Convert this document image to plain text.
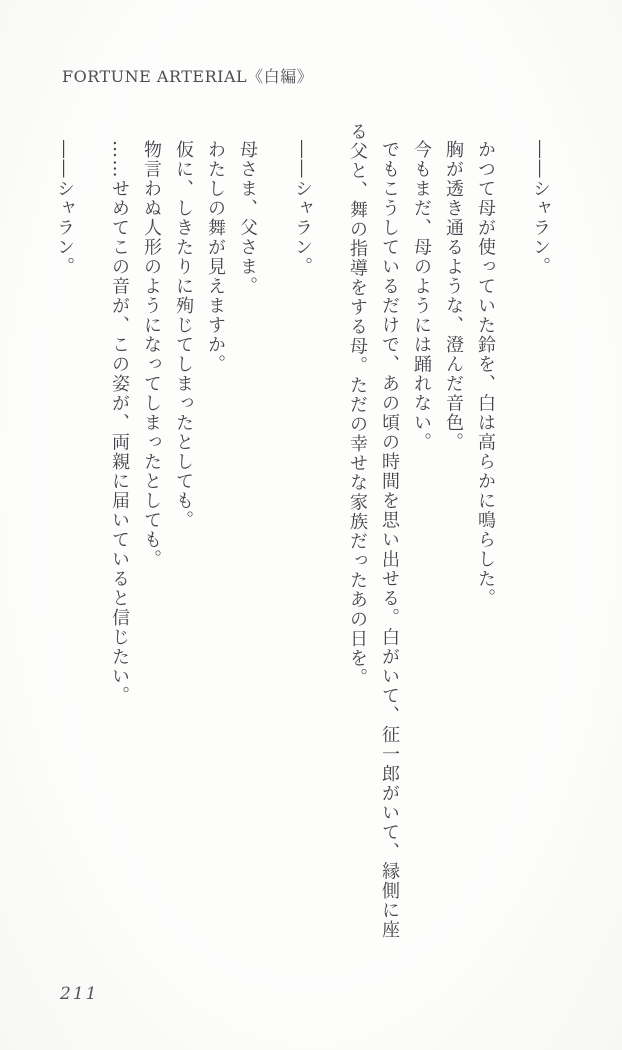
FORTUNE ARTERIAL《白編》

――シャラン。

かつて母が使っていた鈴を、白は高らかに鳴らした。

胸が透き通るような、澄んだ音色。

今もまだ、母のようには踊れない。

でもこうしているだけで、あの頃の時間を思い出せる。白がいて、征一郎がいて、縁側に座る父と、舞の指導をする母。ただの幸せな家族だったあの日を。

――シャラン。

母さま、父さま。

わたしの舞が見えますか。

仮に、しきたりに殉じてしまったとしても。

物言わぬ人形のようになってしまったとしても。

……せめてこの音が、この姿が、両親に届いていると信じたい。

――シャラン。

211
